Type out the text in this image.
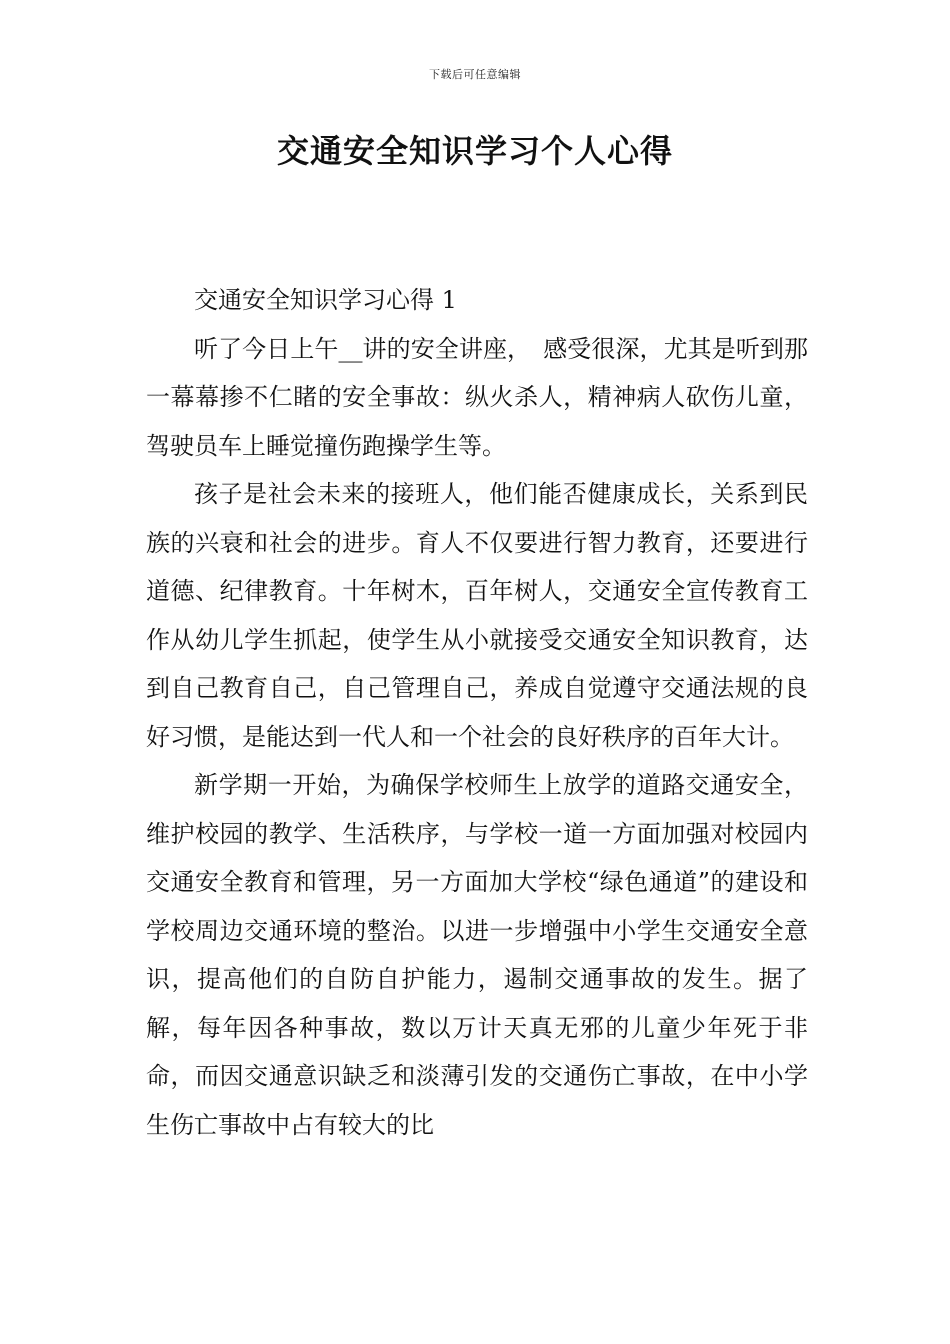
下载后可任意编辑
交通安全知识学习个人心得

交通安全知识学习心得 1

听了今日上午__讲的安全讲座，　感受很深，尤其是听到那一幕幕掺不仁睹的安全事故：纵火杀人，精神病人砍伤儿童，驾驶员车上睡觉撞伤跑操学生等。

孩子是社会未来的接班人，他们能否健康成长，关系到民族的兴衰和社会的进步。育人不仅要进行智力教育，还要进行道德、纪律教育。十年树木，百年树人，交通安全宣传教育工作从幼儿学生抓起，使学生从小就接受交通安全知识教育，达到自己教育自己，自己管理自己，养成自觉遵守交通法规的良好习惯，是能达到一代人和一个社会的良好秩序的百年大计。

新学期一开始，为确保学校师生上放学的道路交通安全，维护校园的教学、生活秩序，与学校一道一方面加强对校园内交通安全教育和管理，另一方面加大学校“绿色通道”的建设和学校周边交通环境的整治。以进一步增强中小学生交通安全意识，提高他们的自防自护能力，遏制交通事故的发生。据了解，每年因各种事故，数以万计天真无邪的儿童少年死于非命，而因交通意识缺乏和淡薄引发的交通伤亡事故，在中小学生伤亡事故中占有较大的比
